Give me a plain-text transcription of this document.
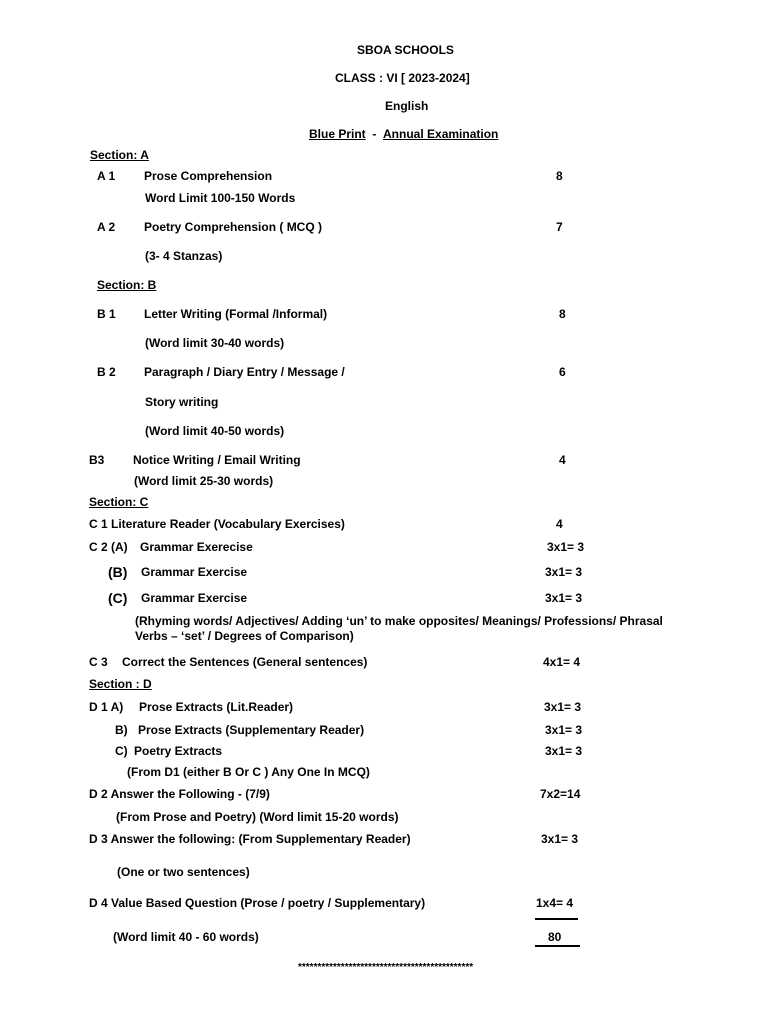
SBOA SCHOOLS
CLASS : VI [ 2023-2024]
English
Blue Print - Annual Examination
Section: A
A 1 Prose Comprehension	8
Word Limit 100-150 Words
A 2 Poetry Comprehension ( MCQ )	7
(3- 4 Stanzas)
Section: B
B 1 Letter Writing (Formal /Informal)	8
(Word limit 30-40 words)
B 2 Paragraph / Diary Entry / Message /	6
Story writing
(Word limit 40-50 words)
B3 Notice Writing / Email Writing	4
(Word limit 25-30 words)
Section: C
C 1 Literature Reader (Vocabulary Exercises)	4
C 2 (A) Grammar Exerecise	3x1= 3
(B) Grammar Exercise	3x1= 3
(C) Grammar Exercise	3x1= 3
(Rhyming words/ Adjectives/ Adding ‘un’ to make opposites/ Meanings/ Professions/ Phrasal
Verbs – ‘set’ / Degrees of Comparison)
C 3 Correct the Sentences (General sentences)	4x1= 4
Section : D
D 1 A) Prose Extracts (Lit.Reader)	3x1= 3
B) Prose Extracts (Supplementary Reader)	3x1= 3
C) Poetry Extracts	3x1= 3
(From D1 (either B Or C ) Any One In MCQ)
D 2 Answer the Following - (7/9)	7x2=14
(From Prose and Poetry) (Word limit 15-20 words)
D 3 Answer the following: (From Supplementary Reader)	3x1= 3
(One or two sentences)
D 4 Value Based Question (Prose / poetry / Supplementary)	1x4= 4
(Word limit 40 - 60 words)	80
*********************************************
